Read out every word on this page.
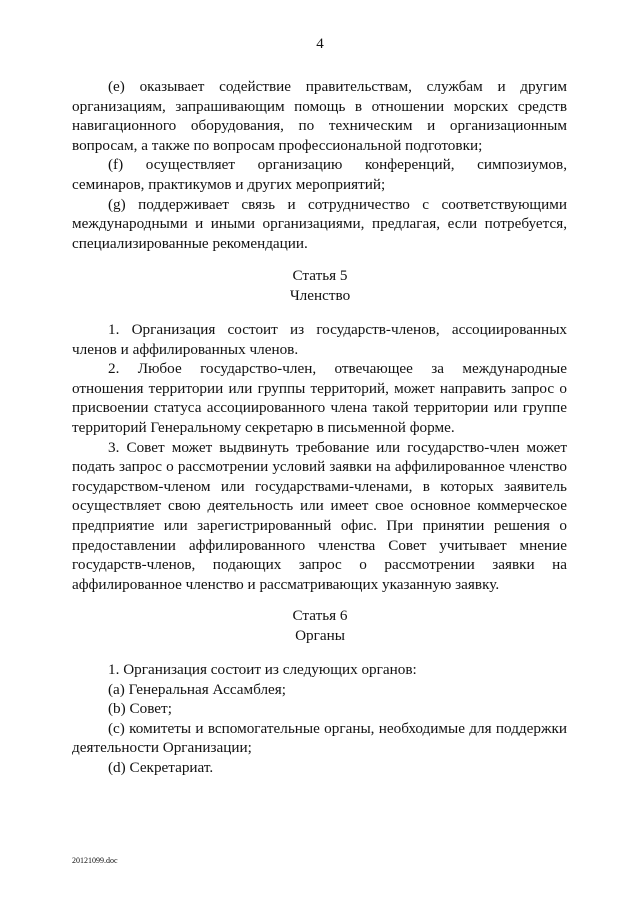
4

(e) оказывает содействие правительствам, службам и другим организациям, запрашивающим помощь в отношении морских средств навигационного оборудования, по техническим и организационным вопросам, а также по вопросам профессиональной подготовки;

(f) осуществляет организацию конференций, симпозиумов, семинаров, практикумов и других мероприятий;

(g) поддерживает связь и сотрудничество с соответствующими международными и иными организациями, предлагая, если потребуется, специализированные рекомендации.

Статья 5
Членство

1. Организация состоит из государств-членов, ассоциированных членов и аффилированных членов.

2. Любое государство-член, отвечающее за международные отношения территории или группы территорий, может направить запрос о присвоении статуса ассоциированного члена такой территории или группе территорий Генеральному секретарю в письменной форме.

3. Совет может выдвинуть требование или государство-член может подать запрос о рассмотрении условий заявки на аффилированное членство государством-членом или государствами-членами, в которых заявитель осуществляет свою деятельность или имеет свое основное коммерческое предприятие или зарегистрированный офис. При принятии решения о предоставлении аффилированного членства Совет учитывает мнение государств-членов, подающих запрос о рассмотрении заявки на аффилированное членство и рассматривающих указанную заявку.

Статья 6
Органы

1. Организация состоит из следующих органов:

(a) Генеральная Ассамблея;

(b) Совет;

(c) комитеты и вспомогательные органы, необходимые для поддержки деятельности Организации;

(d) Секретариат.

20121099.doc
